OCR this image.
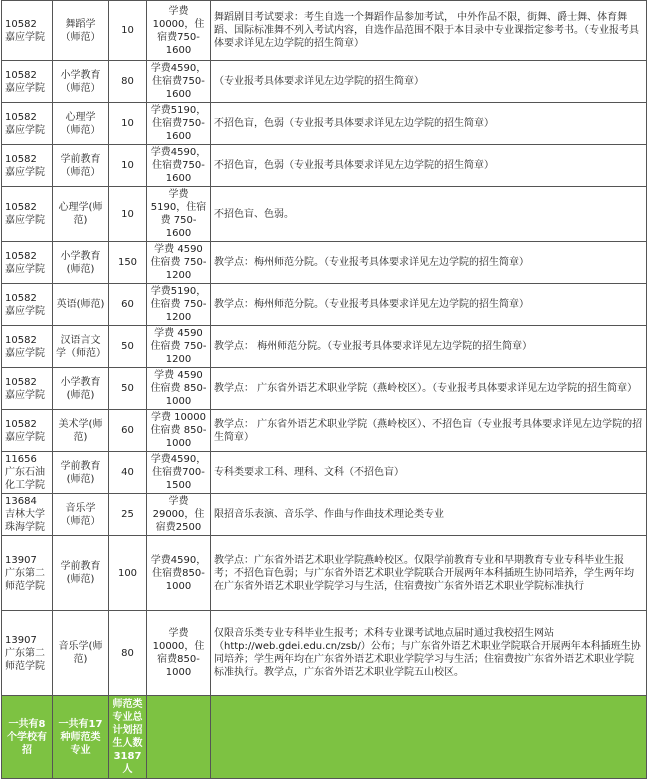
10582 嘉应学院	舞蹈学（师范）	10	学费10000，住宿费750-1600	舞蹈剧目考试要求：考生自选一个舞蹈作品参加考试， 中外作品不限，街舞、爵士舞、体育舞蹈、国际标准舞不列入考试内容，自选作品范围不限于本目录中专业课指定参考书。（专业报考具体要求详见左边学院的招生简章）
10582 嘉应学院	小学教育（师范）	80	学费4590，住宿费750-1600	（专业报考具体要求详见左边学院的招生简章）
10582 嘉应学院	心理学（师范）	10	学费5190，住宿费750-1600	不招色盲，色弱（专业报考具体要求详见左边学院的招生简章）
10582 嘉应学院	学前教育（师范）	10	学费4590，住宿费750-1600	不招色盲，色弱（专业报考具体要求详见左边学院的招生简章）
10582 嘉应学院	心理学(师范)	10	学费 5190，住宿费 750-1600	不招色盲、色弱。
10582 嘉应学院	小学教育(师范)	150	学费 4590住宿费 750-1200	教学点：梅州师范分院。（专业报考具体要求详见左边学院的招生简章）
10582 嘉应学院	英语(师范)	60	学费5190，住宿费 750-1200	教学点：梅州师范分院。（专业报考具体要求详见左边学院的招生简章）
10582 嘉应学院	汉语言文学（师范）	50	学费 4590 住宿费 750-1200	教学点： 梅州师范分院。（专业报考具体要求详见左边学院的招生简章）
10582 嘉应学院	小学教育(师范)	50	学费 4590 住宿费 850-1000	教学点： 广东省外语艺术职业学院（燕岭校区）。（专业报考具体要求详见左边学院的招生简章）
10582 嘉应学院	美术学(师范)	60	学费 10000 住宿费 850-1000	教学点： 广东省外语艺术职业学院（燕岭校区）、不招色盲（专业报考具体要求详见左边学院的招生简章）
11656 广东石油化工学院	学前教育(师范)	40	学费4590，住宿费700-1500	专科类要求工科、理科、文科（不招色盲）
13684 吉林大学珠海学院	音乐学（师范）	25	学费29000，住宿费2500	限招音乐表演、音乐学、作曲与作曲技术理论类专业
13907 广东第二师范学院	学前教育(师范)	100	学费4590，住宿费850-1000	教学点：广东省外语艺术职业学院燕岭校区。仅限学前教育专业和早期教育专业专科毕业生报考；不招色盲色弱；与广东省外语艺术职业学院联合开展两年本科插班生协同培养，学生两年均在广东省外语艺术职业学院学习与生活，住宿费按广东省外语艺术职业学院标准执行
13907 广东第二师范学院	音乐学(师范)	80	学费10000，住宿费850-1000	仅限音乐类专业专科毕业生报考；术科专业课考试地点届时通过我校招生网站（http://web.gdei.edu.cn/zsb/）公布；与广东省外语艺术职业学院联合开展两年本科插班生协同培养；学生两年均在广东省外语艺术职业学院学习与生活；住宿费按广东省外语艺术职业学院标准执行。教学点，广东省外语艺术职业学院五山校区。
一共有8个学校有招	一共有17种师范类专业	师范类专业总计划招生人数3187人		
